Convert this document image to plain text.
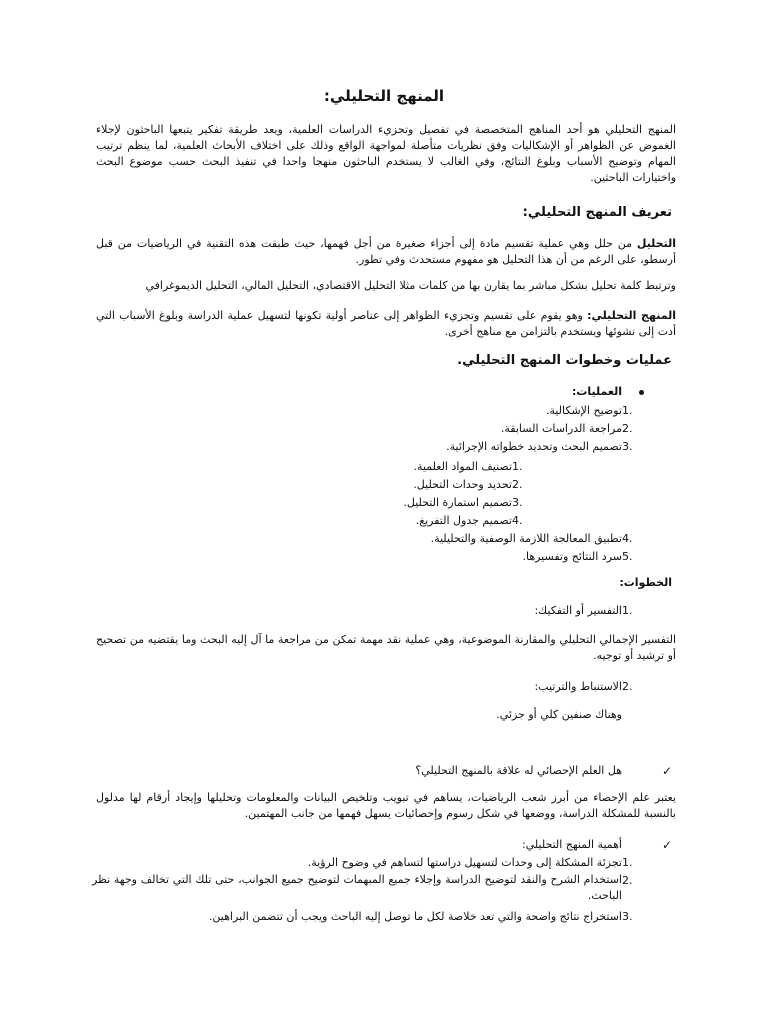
المنهج التحليلي:

المنهج التحليلي هو أحد المناهج المتخصصة في تفصيل وتجزيء الدراسات العلمية، ويعد طريقة تفكير يتبعها الباحثون لإجلاء الغموض عن الظواهر أو الإشكاليات وفق نظريات متأصلة لمواجهة الواقع وذلك على اختلاف الأبحاث العلمية، لما ينظم ترتيب المهام وتوضيح الأسباب وبلوغ النتائج، وفي الغالب لا يستخدم الباحثون منهجا واحدا في تنفيذ البحث حسب موضوع البحث واختيارات الباحثين.

تعريف المنهج التحليلي:

التحليل من حلل وهي عملية تقسيم مادة إلى أجزاء صغيرة من أجل فهمها، حيث طبقت هذه التقنية في الرياضيات من قبل أرسطو، على الرغم من أن هذا التحليل هو مفهوم مستحدث وفي تطور.

وترتبط كلمة تحليل بشكل مباشر بما يقارن بها من كلمات مثلا التحليل الاقتصادي، التحليل المالي، التحليل الديموغرافي

المنهج التحليلي: وهو يقوم على تقسيم وتجزيء الظواهر إلى عناصر أولية تكونها لتسهيل عملية الدراسة وبلوغ الأسباب التي أدت إلى نشوئها ويستخدم بالتزامن مع مناهج أخرى.

عمليات وخطوات المنهج التحليلي.
العمليات:
1.
توضيح الإشكالية.
2.
مراجعة الدراسات السابقة.
3.
تصميم البحث وتحديد خطواته الإجرائية.
1.
تصنيف المواد العلمية.
2.
تحديد وحدات التحليل.
3.
تصميم استمارة التحليل.
4.
تصميم جدول التفريغ.
4.
تطبيق المعالجة اللازمة الوصفية والتحليلية.
5.
سرد النتائج وتفسيرها.
الخطوات:
1.
التفسير أو التفكيك:

التفسير الإجمالي التحليلي والمقارنة الموضوعية، وهي عملية نقد مهمة تمكن من مراجعة ما آل إليه البحث وما يقتضيه من تصحيح أو ترشيد أو توجيه.

2.
الاستنباط والترتيب:
وهناك صنفين كلي أو جزئي.
✓
هل العلم الإحصائي له علاقة بالمنهج التحليلي؟

يعتبر علم الإحصاء من أبرز شعب الرياضيات، يساهم في تبويب وتلخيص البيانات والمعلومات وتحليلها وإيجاد أرقام لها مدلول بالنسبة للمشكلة الدراسة، ووضعها في شكل رسوم وإحصائيات يسهل فهمها من جانب المهتمين.

✓
أهمية المنهج التحليلي:
1.
تجزئة المشكلة إلى وحدات لتسهيل دراستها لتساهم في وضوح الرؤية.
2.
استخدام الشرح والنقد لتوضيح الدراسة وإجلاء جميع المبهمات لتوضيح جميع الجوانب، حتى تلك التي تخالف وجهة نظر الباحث.
3.
استخراج نتائج واضحة والتي تعد خلاصة لكل ما توصل إليه الباحث ويجب أن تتضمن البراهين.
